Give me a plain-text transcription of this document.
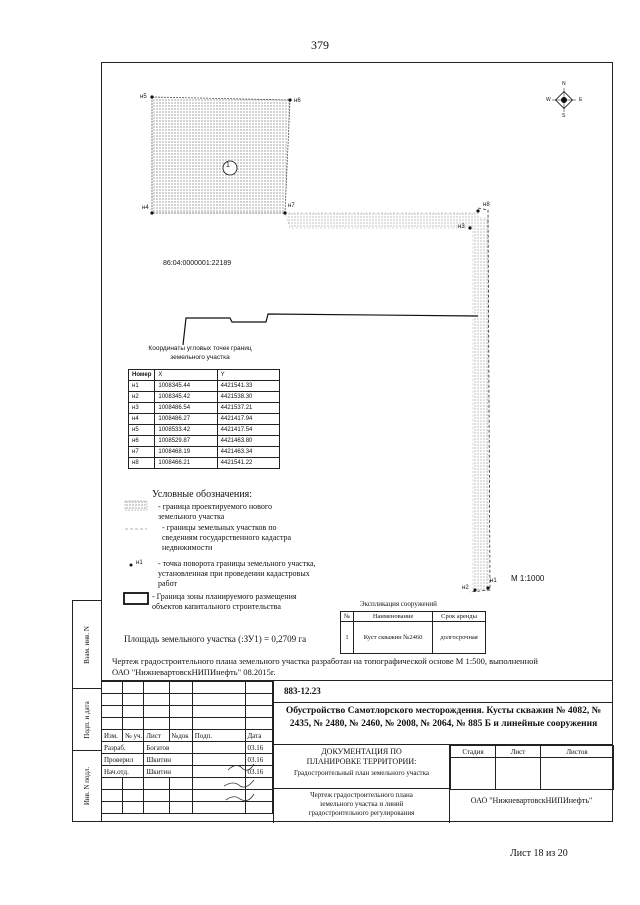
379
Взам. инв. N
Подп. и дата
Инв. N подл.
N
S
W	E
н5
н6
н4	н7	н8
н3
н2
н1
1
86:04:0000001:22189
М 1:1000
Координаты угловых точек границ земельного участка
Номер	X	Y
н1	1008345.44	4421541.33
н2	1008345.42	4421538.30
н3	1008486.54	4421537.21
н4	1008486.27	4421417.94
н5	1008533.42	4421417.54
н6	1008529.87	4421463.80
н7	1008468.19	4421463.34
н8	1008466.21	4421541.22
Условные обозначения:
- граница проектируемого нового земельного участка
- границы земельных участков по сведениям государственного кадастра недвижимости
н1 - точка поворота границы земельного участка, установленная при проведении кадастровых работ
- Граница зоны планируемого размещения объектов капитального строительства	Экспликация сооружений
№	Наименование	Срок аренды
1	Куст скважин №2460	долгосрочная
Площадь земельного участка (:ЗУ1) = 0,2709 га
Чертеж градостроительного плана земельного участка разработан на топографической основе М 1:500, выполненной ОАО "НижневартовскНИПИнефть" 08.2015г.

Изм.	№ уч.	Лист	№док	Подп.	Дата
Разраб.		Богатов			03.16
Проверил		Шкитин			03.16
Нач.отд.		Шкитин			03.16

883-12.23
Обустройство Самотлорского месторождения. Кусты скважин № 4082, № 2435, № 2480, № 2460, № 2008, № 2064, № 885 Б и линейные сооружения
ДОКУМЕНТАЦИЯ ПО ПЛАНИРОВКЕ ТЕРРИТОРИИ:
Градостроительный план земельного участка
Стадия	Лист	Листов

Чертеж градостроительного плана земельного участка и линий градостроительного регулирования
ОАО "НижневартовскНИПИнефть"
Лист 18 из 20
